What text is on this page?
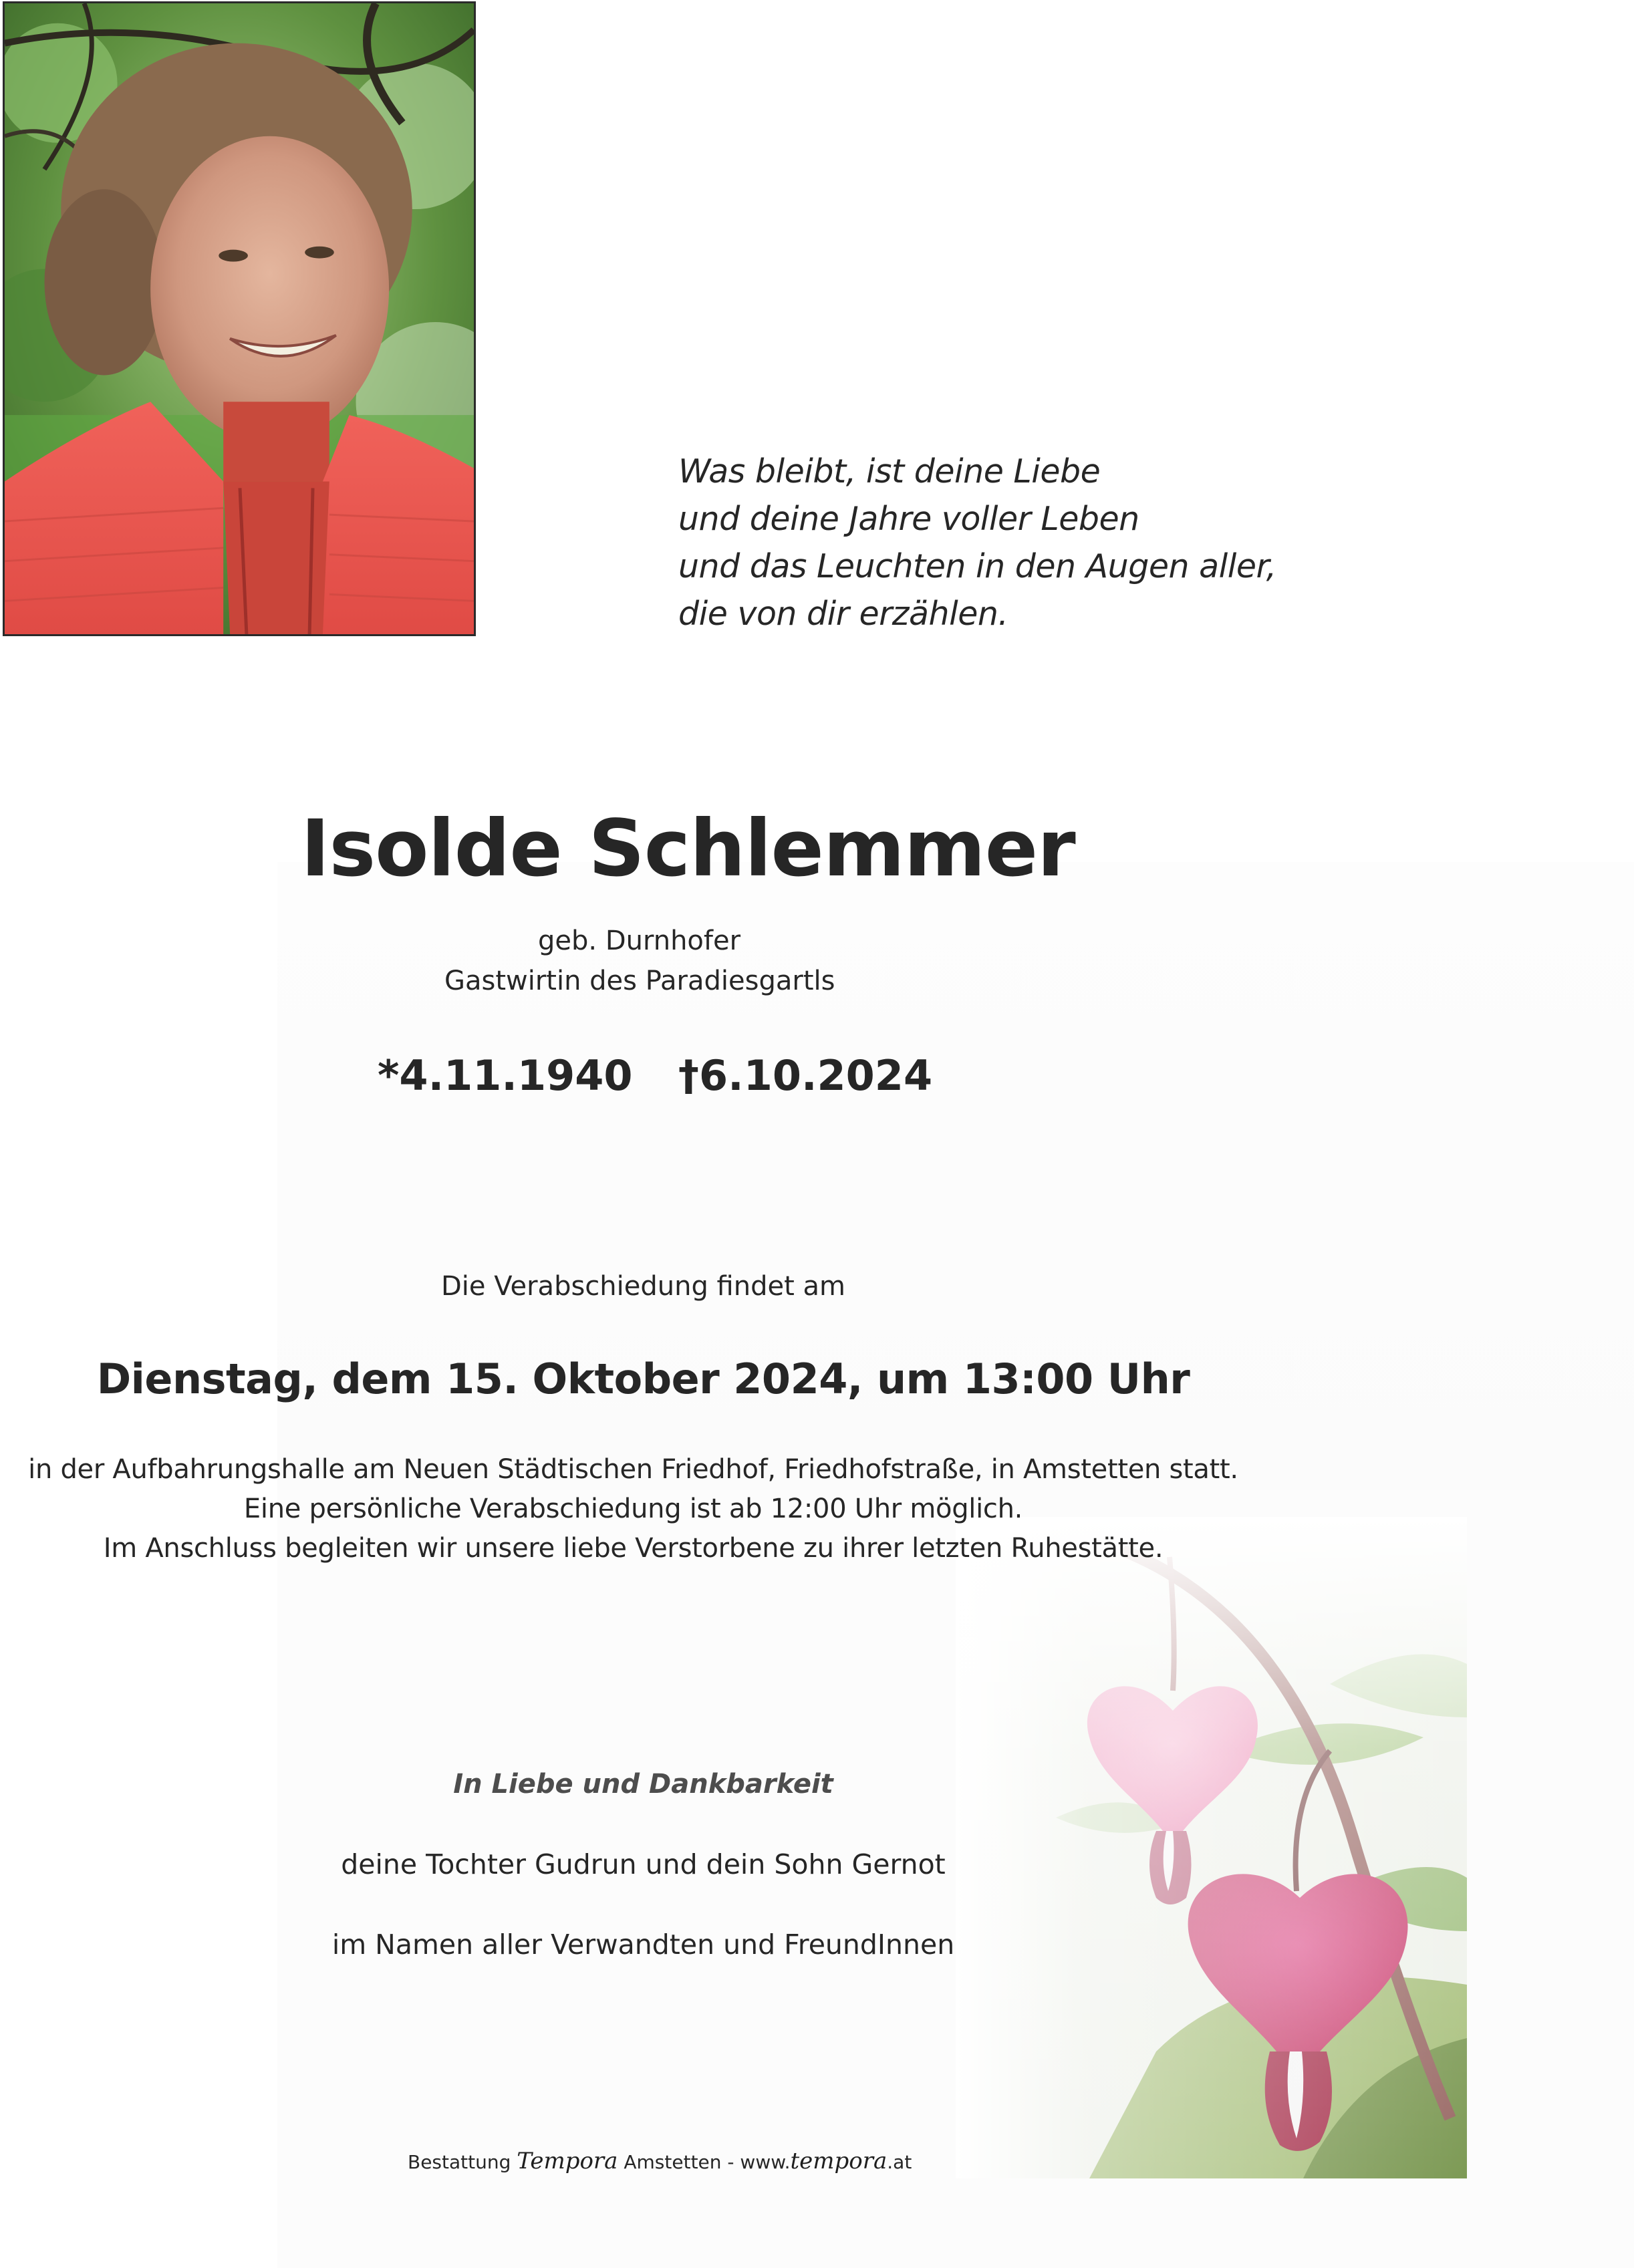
Was bleibt, ist deine Liebe
und deine Jahre voller Leben
und das Leuchten in den Augen aller,
die von dir erzählen.
Isolde Schlemmer
geb. Durnhofer
Gastwirtin des Paradiesgartls
*4.11.1940 †6.10.2024
Die Verabschiedung findet am
Dienstag, dem 15. Oktober 2024, um 13:00 Uhr
in der Aufbahrungshalle am Neuen Städtischen Friedhof, Friedhofstraße, in Amstetten statt.
Eine persönliche Verabschiedung ist ab 12:00 Uhr möglich.
Im Anschluss begleiten wir unsere liebe Verstorbene zu ihrer letzten Ruhestätte.
In Liebe und Dankbarkeit
deine Tochter Gudrun und dein Sohn Gernot
im Namen aller Verwandten und FreundInnen
Bestattung Tempora Amstetten - www.tempora.at
